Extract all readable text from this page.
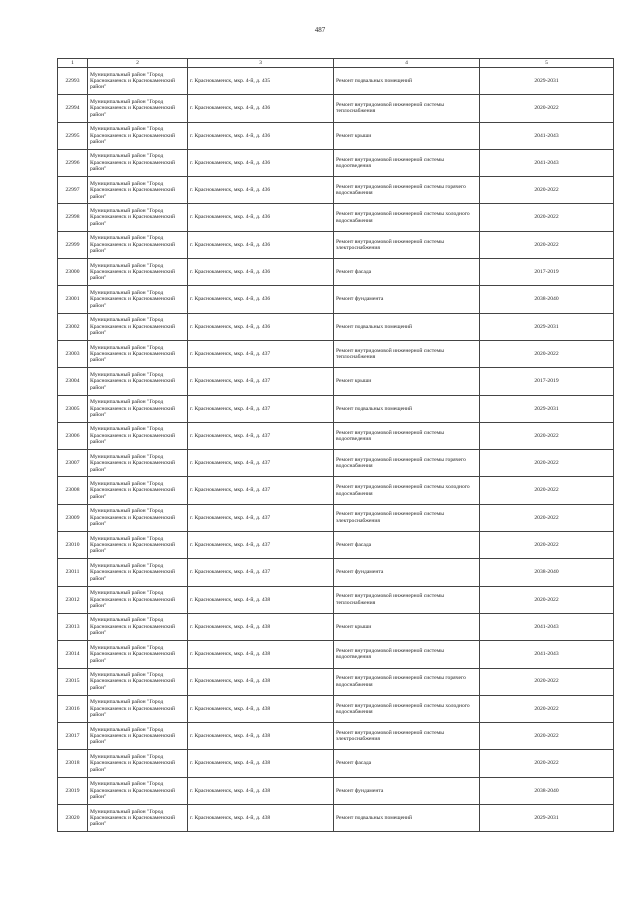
487
1	2	3	4	5
22993	Муниципальный район "Город Краснокаменск и Краснокаменский район"	г. Краснокаменск, мкр. 4-й, д. 435	Ремонт подвальных помещений	2029-2031
22994	Муниципальный район "Город Краснокаменск и Краснокаменский район"	г. Краснокаменск, мкр. 4-й, д. 436	Ремонт внутридомовой инженерной системы теплоснабжения	2020-2022
22995	Муниципальный район "Город Краснокаменск и Краснокаменский район"	г. Краснокаменск, мкр. 4-й, д. 436	Ремонт крыши	2041-2043
22996	Муниципальный район "Город Краснокаменск и Краснокаменский район"	г. Краснокаменск, мкр. 4-й, д. 436	Ремонт внутридомовой инженерной системы водоотведения	2041-2043
22997	Муниципальный район "Город Краснокаменск и Краснокаменский район"	г. Краснокаменск, мкр. 4-й, д. 436	Ремонт внутридомовой инженерной системы горячего водоснабжения	2020-2022
22998	Муниципальный район "Город Краснокаменск и Краснокаменский район"	г. Краснокаменск, мкр. 4-й, д. 436	Ремонт внутридомовой инженерной системы холодного водоснабжения	2020-2022
22999	Муниципальный район "Город Краснокаменск и Краснокаменский район"	г. Краснокаменск, мкр. 4-й, д. 436	Ремонт внутридомовой инженерной системы электроснабжения	2020-2022
23000	Муниципальный район "Город Краснокаменск и Краснокаменский район"	г. Краснокаменск, мкр. 4-й, д. 436	Ремонт фасада	2017-2019
23001	Муниципальный район "Город Краснокаменск и Краснокаменский район"	г. Краснокаменск, мкр. 4-й, д. 436	Ремонт фундамента	2038-2040
23002	Муниципальный район "Город Краснокаменск и Краснокаменский район"	г. Краснокаменск, мкр. 4-й, д. 436	Ремонт подвальных помещений	2029-2031
23003	Муниципальный район "Город Краснокаменск и Краснокаменский район"	г. Краснокаменск, мкр. 4-й, д. 437	Ремонт внутридомовой инженерной системы теплоснабжения	2020-2022
23004	Муниципальный район "Город Краснокаменск и Краснокаменский район"	г. Краснокаменск, мкр. 4-й, д. 437	Ремонт крыши	2017-2019
23005	Муниципальный район "Город Краснокаменск и Краснокаменский район"	г. Краснокаменск, мкр. 4-й, д. 437	Ремонт подвальных помещений	2029-2031
23006	Муниципальный район "Город Краснокаменск и Краснокаменский район"	г. Краснокаменск, мкр. 4-й, д. 437	Ремонт внутридомовой инженерной системы водоотведения	2020-2022
23007	Муниципальный район "Город Краснокаменск и Краснокаменский район"	г. Краснокаменск, мкр. 4-й, д. 437	Ремонт внутридомовой инженерной системы горячего водоснабжения	2020-2022
23008	Муниципальный район "Город Краснокаменск и Краснокаменский район"	г. Краснокаменск, мкр. 4-й, д. 437	Ремонт внутридомовой инженерной системы холодного водоснабжения	2020-2022
23009	Муниципальный район "Город Краснокаменск и Краснокаменский район"	г. Краснокаменск, мкр. 4-й, д. 437	Ремонт внутридомовой инженерной системы электроснабжения	2020-2022
23010	Муниципальный район "Город Краснокаменск и Краснокаменский район"	г. Краснокаменск, мкр. 4-й, д. 437	Ремонт фасада	2020-2022
23011	Муниципальный район "Город Краснокаменск и Краснокаменский район"	г. Краснокаменск, мкр. 4-й, д. 437	Ремонт фундамента	2038-2040
23012	Муниципальный район "Город Краснокаменск и Краснокаменский район"	г. Краснокаменск, мкр. 4-й, д. 438	Ремонт внутридомовой инженерной системы теплоснабжения	2020-2022
23013	Муниципальный район "Город Краснокаменск и Краснокаменский район"	г. Краснокаменск, мкр. 4-й, д. 438	Ремонт крыши	2041-2043
23014	Муниципальный район "Город Краснокаменск и Краснокаменский район"	г. Краснокаменск, мкр. 4-й, д. 438	Ремонт внутридомовой инженерной системы водоотведения	2041-2043
23015	Муниципальный район "Город Краснокаменск и Краснокаменский район"	г. Краснокаменск, мкр. 4-й, д. 438	Ремонт внутридомовой инженерной системы горячего водоснабжения	2020-2022
23016	Муниципальный район "Город Краснокаменск и Краснокаменский район"	г. Краснокаменск, мкр. 4-й, д. 438	Ремонт внутридомовой инженерной системы холодного водоснабжения	2020-2022
23017	Муниципальный район "Город Краснокаменск и Краснокаменский район"	г. Краснокаменск, мкр. 4-й, д. 438	Ремонт внутридомовой инженерной системы электроснабжения	2020-2022
23018	Муниципальный район "Город Краснокаменск и Краснокаменский район"	г. Краснокаменск, мкр. 4-й, д. 438	Ремонт фасада	2020-2022
23019	Муниципальный район "Город Краснокаменск и Краснокаменский район"	г. Краснокаменск, мкр. 4-й, д. 438	Ремонт фундамента	2038-2040
23020	Муниципальный район "Город Краснокаменск и Краснокаменский район"	г. Краснокаменск, мкр. 4-й, д. 438	Ремонт подвальных помещений	2029-2031
